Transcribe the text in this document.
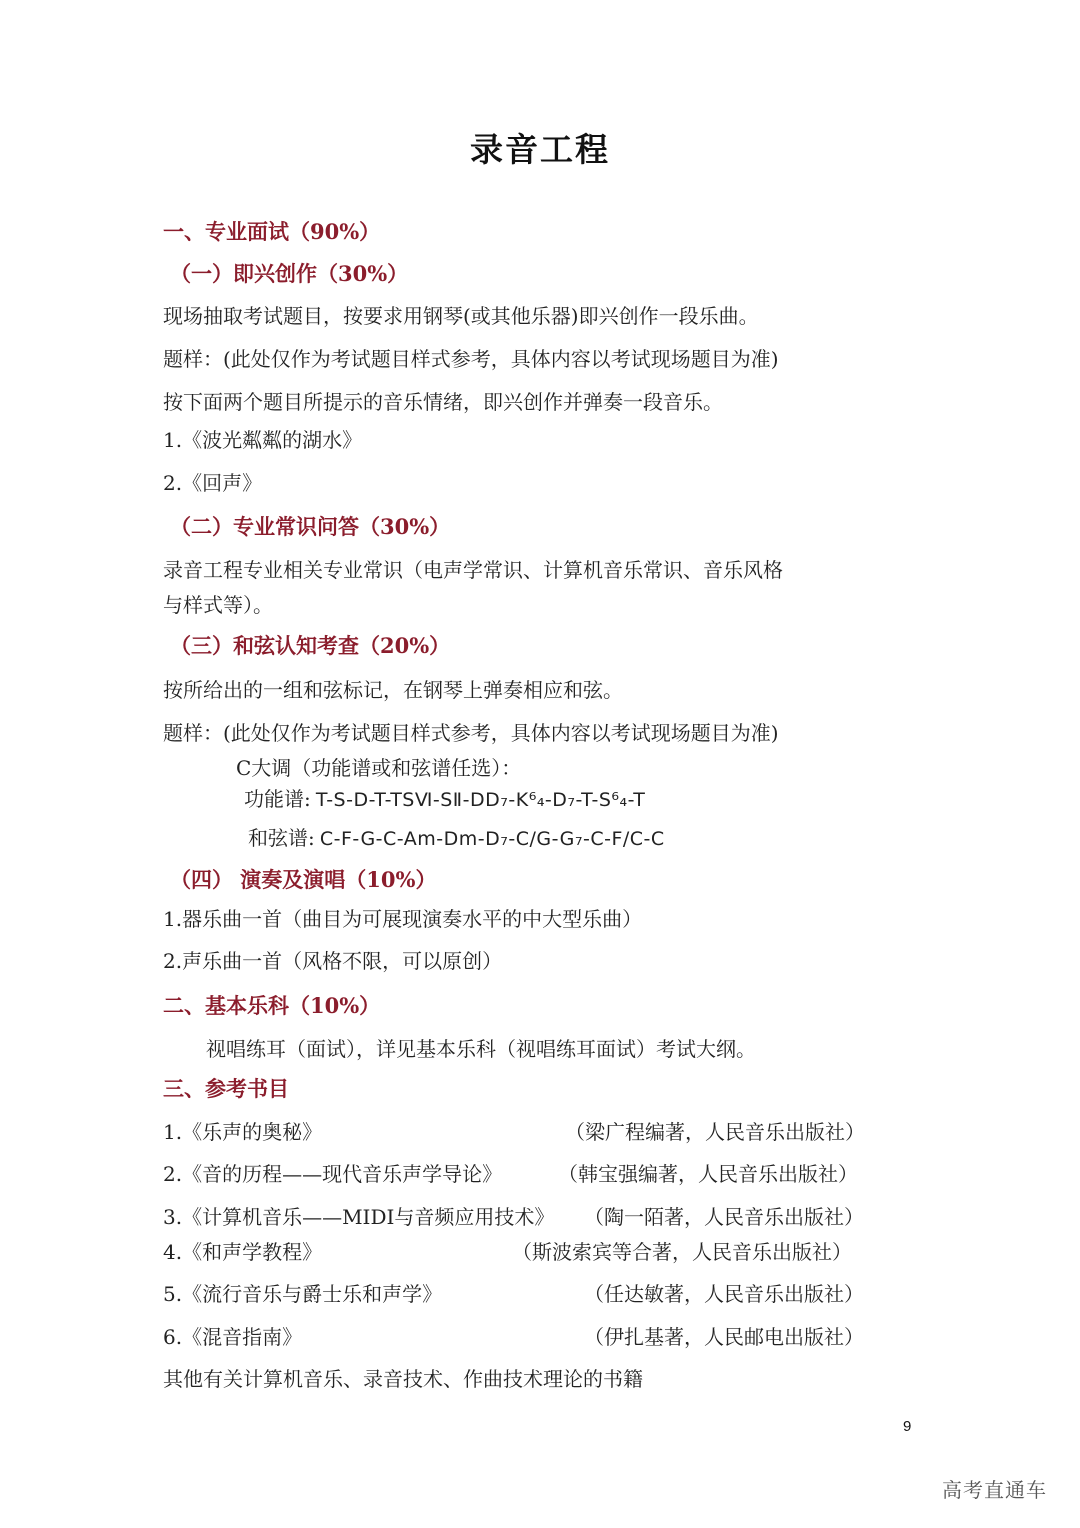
录音工程
一、专业面试（90%）
（一）即兴创作（30%）
现场抽取考试题目，按要求用钢琴(或其他乐器)即兴创作一段乐曲。
题样：(此处仅作为考试题目样式参考，具体内容以考试现场题目为准)
按下面两个题目所提示的音乐情绪，即兴创作并弹奏一段音乐。
1.《波光粼粼的湖水》
2.《回声》
（二）专业常识问答（30%）
录音工程专业相关专业常识（电声学常识、计算机音乐常识、音乐风格
与样式等）。
（三）和弦认知考查（20%）
按所给出的一组和弦标记，在钢琴上弹奏相应和弦。
题样：(此处仅作为考试题目样式参考，具体内容以考试现场题目为准)
C大调（功能谱或和弦谱任选）：
功能谱: T-S-D-T-TSⅥ-SⅡ-DD₇-K⁶₄-D₇-T-S⁶₄-T
和弦谱: C-F-G-C-Am-Dm-D₇-C/G-G₇-C-F/C-C
（四） 演奏及演唱（10%）
1.器乐曲一首（曲目为可展现演奏水平的中大型乐曲）
2.声乐曲一首（风格不限，可以原创）
二、基本乐科（10%）
视唱练耳（面试），详见基本乐科（视唱练耳面试）考试大纲。
三、参考书目
1.《乐声的奥秘》	（梁广程编著，人民音乐出版社）
2.《音的历程——现代音乐声学导论》	（韩宝强编著，人民音乐出版社）
3.《计算机音乐——MIDI与音频应用技术》 （陶一陌著，人民音乐出版社）
4.《和声学教程》	（斯波索宾等合著，人民音乐出版社）
5.《流行音乐与爵士乐和声学》	（任达敏著，人民音乐出版社）
6.《混音指南》	（伊扎基著，人民邮电出版社）
其他有关计算机音乐、录音技术、作曲技术理论的书籍
9
高考直通车
